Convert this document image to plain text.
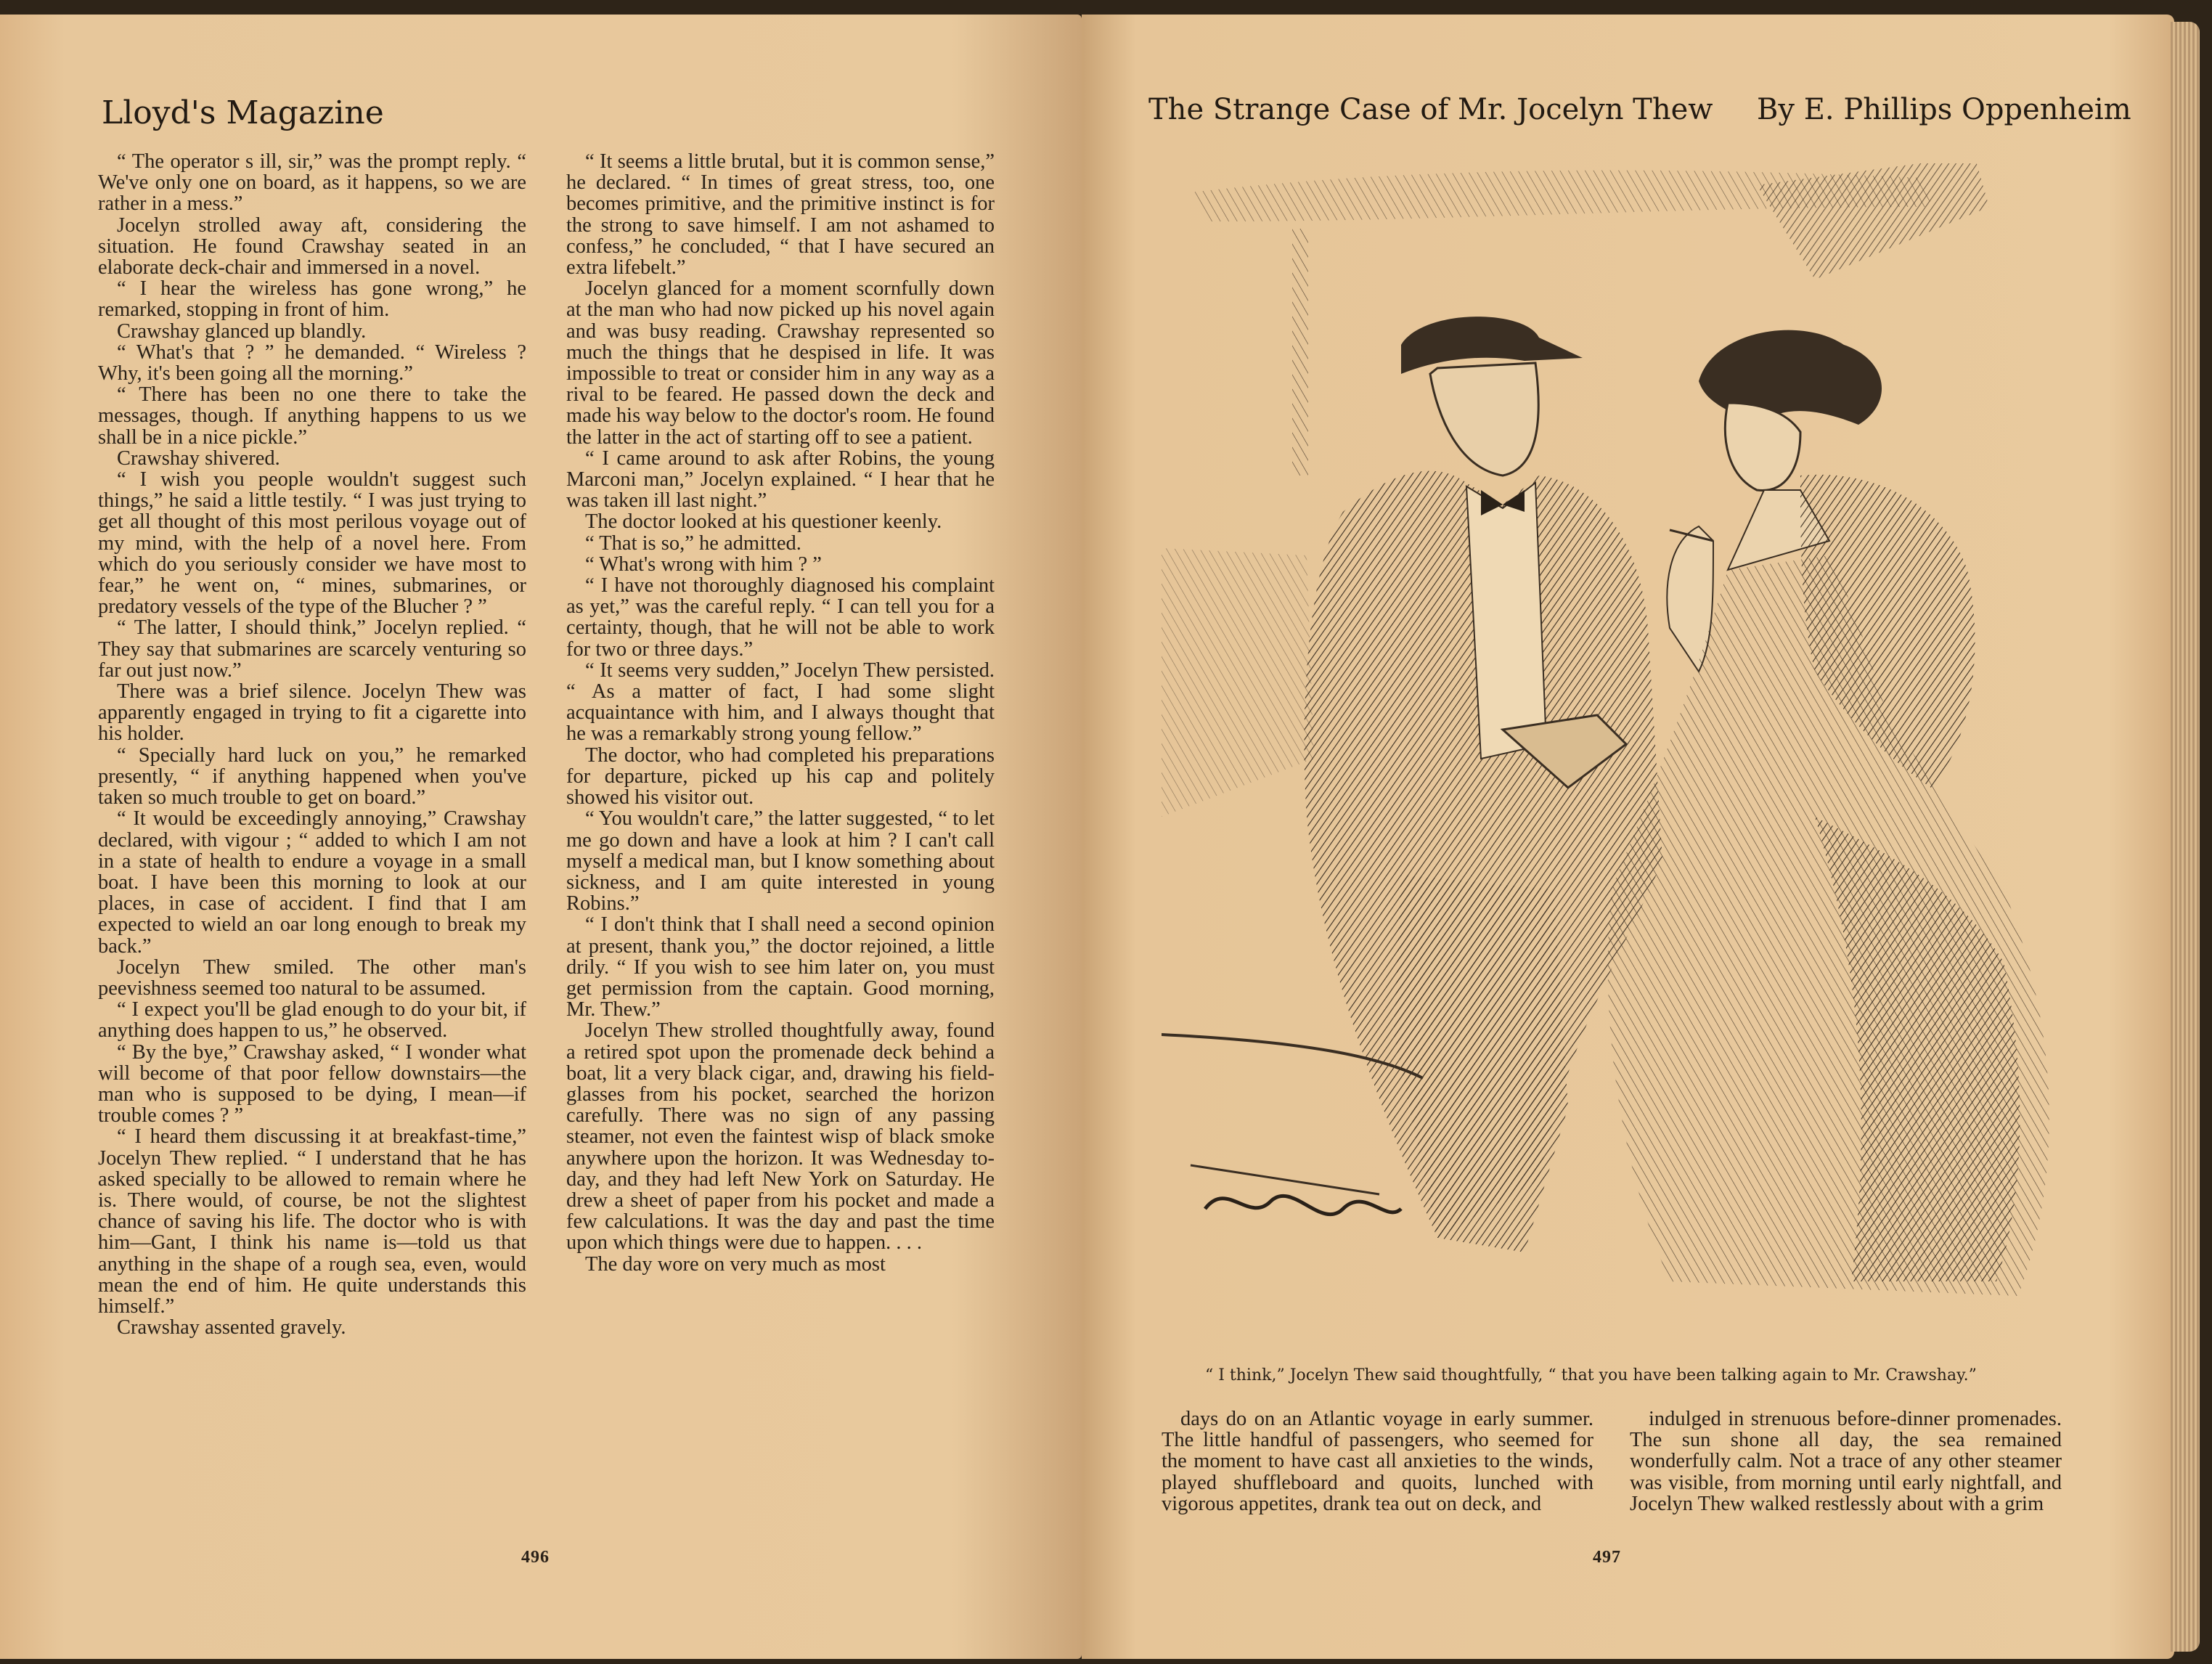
Lloyd's Magazine

“ The operator s ill, sir,” was the prompt reply. “ We've only one on board, as it happens, so we are rather in a mess.”

Jocelyn strolled away aft, considering the situation. He found Crawshay seated in an elaborate deck-chair and immersed in a novel.

“ I hear the wireless has gone wrong,” he remarked, stopping in front of him.

Crawshay glanced up blandly.

“ What's that ? ” he demanded. “ Wireless ? Why, it's been going all the morning.”

“ There has been no one there to take the messages, though. If anything happens to us we shall be in a nice pickle.”

Crawshay shivered.

“ I wish you people wouldn't suggest such things,” he said a little testily. “ I was just trying to get all thought of this most perilous voyage out of my mind, with the help of a novel here. From which do you seriously consider we have most to fear,” he went on, “ mines, submarines, or predatory vessels of the type of the Blucher ? ”

“ The latter, I should think,” Jocelyn replied. “ They say that submarines are scarcely venturing so far out just now.”

There was a brief silence. Jocelyn Thew was apparently engaged in trying to fit a cigarette into his holder.

“ Specially hard luck on you,” he remarked presently, “ if anything happened when you've taken so much trouble to get on board.”

“ It would be exceedingly annoying,” Crawshay declared, with vigour ; “ added to which I am not in a state of health to endure a voyage in a small boat. I have been this morning to look at our places, in case of accident. I find that I am expected to wield an oar long enough to break my back.”

Jocelyn Thew smiled. The other man's peevishness seemed too natural to be assumed.

“ I expect you'll be glad enough to do your bit, if anything does happen to us,” he observed.

“ By the bye,” Crawshay asked, “ I wonder what will become of that poor fellow downstairs—the man who is supposed to be dying, I mean—if trouble comes ? ”

“ I heard them discussing it at breakfast-time,” Jocelyn Thew replied. “ I understand that he has asked specially to be allowed to remain where he is. There would, of course, be not the slightest chance of saving his life. The doctor who is with him—Gant, I think his name is—told us that anything in the shape of a rough sea, even, would mean the end of him. He quite understands this himself.”

Crawshay assented gravely.

“ It seems a little brutal, but it is common sense,” he declared. “ In times of great stress, too, one becomes primitive, and the primitive instinct is for the strong to save himself. I am not ashamed to confess,” he concluded, “ that I have secured an extra lifebelt.”

Jocelyn glanced for a moment scornfully down at the man who had now picked up his novel again and was busy reading. Crawshay represented so much the things that he despised in life. It was impossible to treat or consider him in any way as a rival to be feared. He passed down the deck and made his way below to the doctor's room. He found the latter in the act of starting off to see a patient.

“ I came around to ask after Robins, the young Marconi man,” Jocelyn explained. “ I hear that he was taken ill last night.”

The doctor looked at his questioner keenly.

“ That is so,” he admitted.

“ What's wrong with him ? ”

“ I have not thoroughly diagnosed his complaint as yet,” was the careful reply. “ I can tell you for a certainty, though, that he will not be able to work for two or three days.”

“ It seems very sudden,” Jocelyn Thew persisted. “ As a matter of fact, I had some slight acquaintance with him, and I always thought that he was a remarkably strong young fellow.”

The doctor, who had completed his preparations for departure, picked up his cap and politely showed his visitor out.

“ You wouldn't care,” the latter suggested, “ to let me go down and have a look at him ? I can't call myself a medical man, but I know something about sickness, and I am quite interested in young Robins.”

“ I don't think that I shall need a second opinion at present, thank you,” the doctor rejoined, a little drily. “ If you wish to see him later on, you must get permission from the captain. Good morning, Mr. Thew.”

Jocelyn Thew strolled thoughtfully away, found a retired spot upon the promenade deck behind a boat, lit a very black cigar, and, drawing his field-glasses from his pocket, searched the horizon carefully. There was no sign of any passing steamer, not even the faintest wisp of black smoke anywhere upon the horizon. It was Wednesday to-day, and they had left New York on Saturday. He drew a sheet of paper from his pocket and made a few calculations. It was the day and past the time upon which things were due to happen. . . .

The day wore on very much as most

496
The Strange Case of Mr. Jocelyn Thew By E. Phillips Oppenheim
“ I think,” Jocelyn Thew said thoughtfully, “ that you have been talking again to Mr. Crawshay.”

days do on an Atlantic voyage in early summer. The little handful of passengers, who seemed for the moment to have cast all anxieties to the winds, played shuffleboard and quoits, lunched with vigorous appetites, drank tea out on deck, and

indulged in strenuous before-dinner promenades. The sun shone all day, the sea remained wonderfully calm. Not a trace of any other steamer was visible, from morning until early nightfall, and Jocelyn Thew walked restlessly about with a grim

497
